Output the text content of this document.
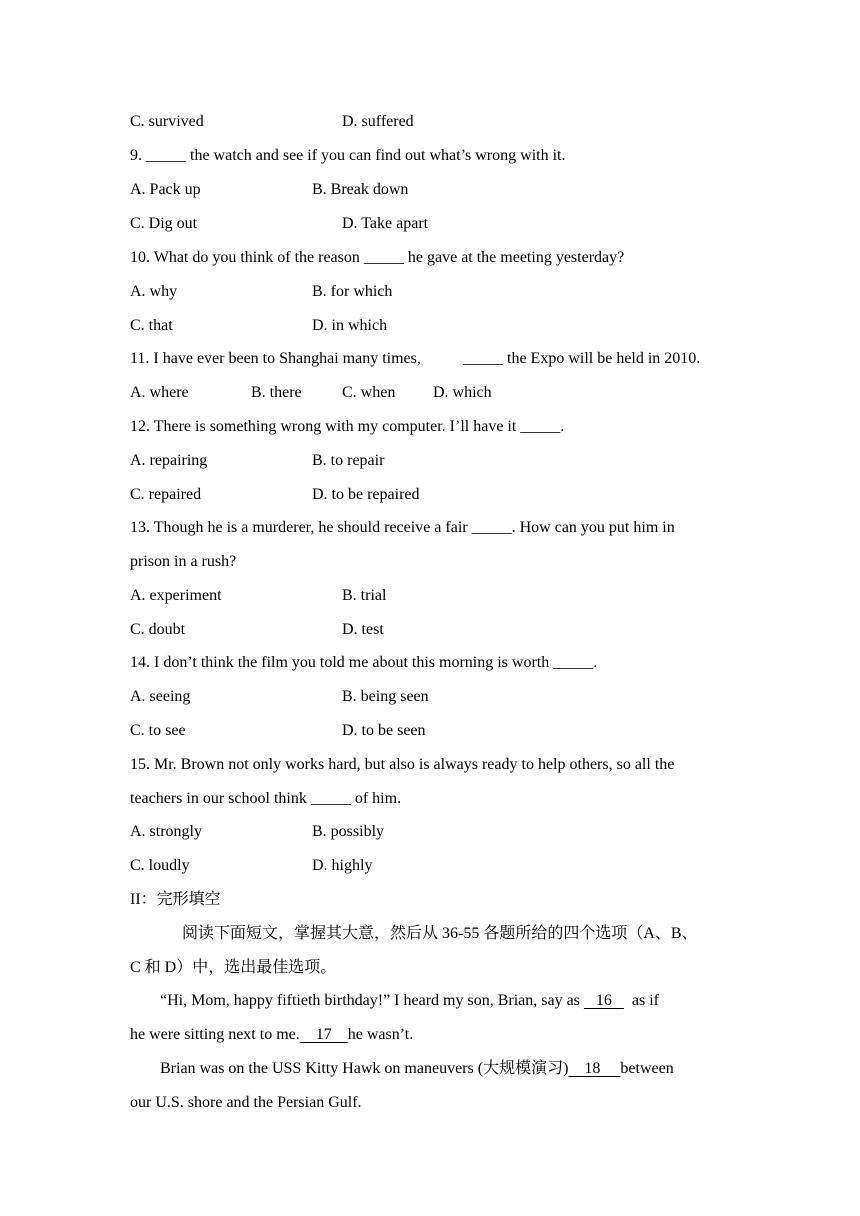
C. survived	D. suffered
9. _____ the watch and see if you can find out what’s wrong with it.
A. Pack up	B. Break down
C. Dig out	D. Take apart
10. What do you think of the reason _____ he gave at the meeting yesterday?
A. why	B. for which
C. that	D. in which
11. I have ever been to Shanghai many times,	_____ the Expo will be held in 2010.
A. where	B. there	C. when D. which
12. There is something wrong with my computer. I’ll have it _____.
A. repairing	B. to repair
C. repaired	D. to be repaired
13. Though he is a murderer, he should receive a fair _____. How can you put him in
prison in a rush?
A. experiment	B. trial
C. doubt	D. test
14. I don’t think the film you told me about this morning is worth _____.
A. seeing	B. being seen
C. to see	D. to be seen
15. Mr. Brown not only works hard, but also is always ready to help others, so all the
teachers in our school think _____ of him.
A. strongly	B. possibly
C. loudly	D. highly
II：完形填空
阅读下面短文，掌握其大意，然后从 36-55 各题所给的四个选项（A、B、
C 和 D）中，选出最佳选项。
“Hi, Mom, happy fiftieth birthday!” I heard my son, Brian, say as    16     as if
he were sitting next to me.    17    he wasn’t.
Brian was on the USS Kitty Hawk on maneuvers (大规模演习)    18     between
our U.S. shore and the Persian Gulf.
